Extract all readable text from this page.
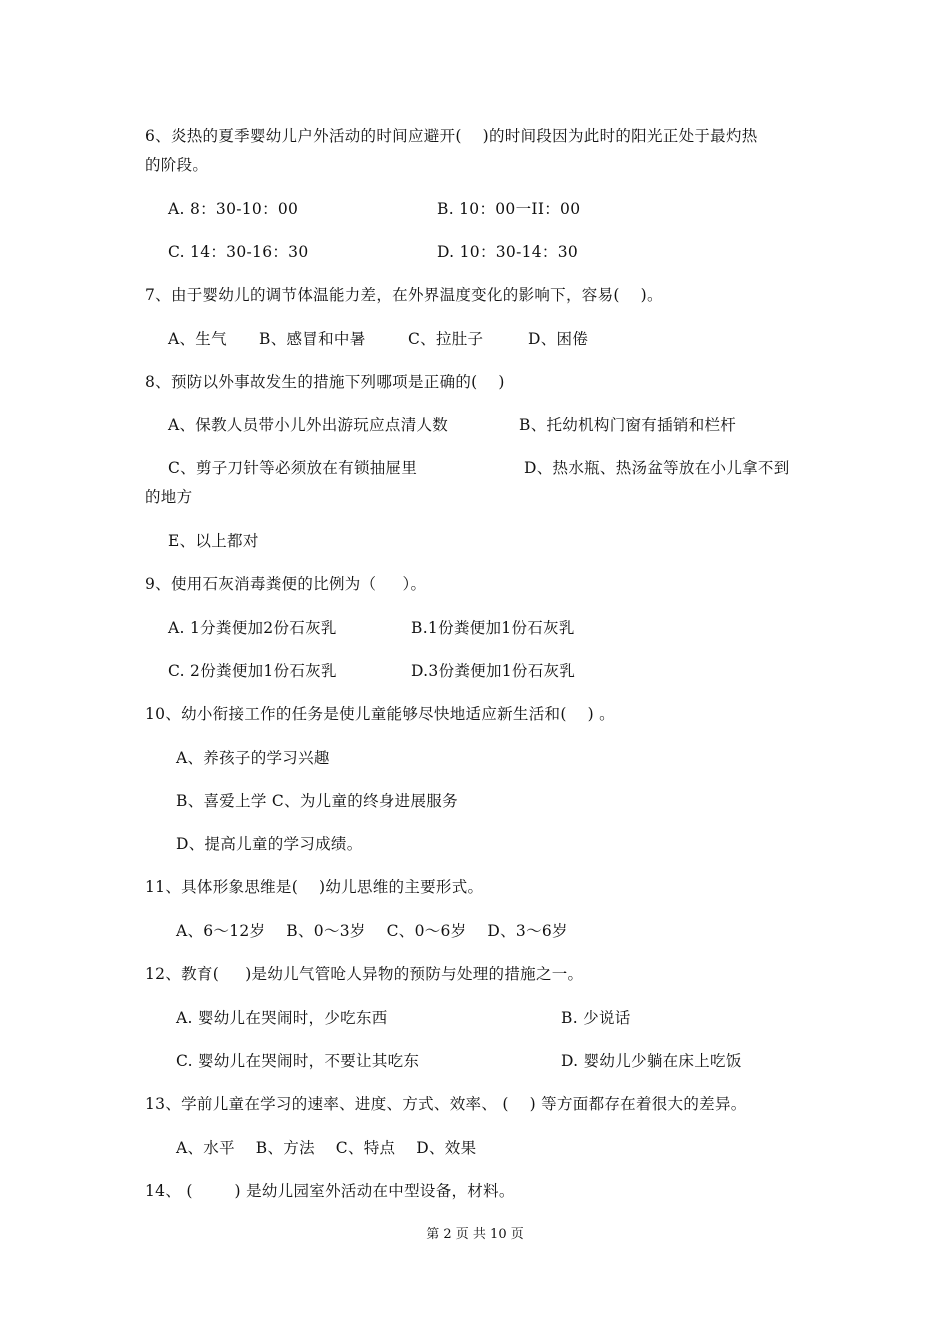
6、炎热的夏季婴幼儿户外活动的时间应避开(    )的时间段因为此时的阳光正处于最灼热
的阶段。
A. 8：30-10：00	B. 10：00一II：00
C. 14：30-16：30	D. 10：30-14：30
7、由于婴幼儿的调节体温能力差，在外界温度变化的影响下，容易(    )。
A、生气 B、感冒和中暑	C、拉肚子	D、困倦
8、预防以外事故发生的措施下列哪项是正确的(    )
A、保教人员带小儿外出游玩应点清人数	B、托幼机构门窗有插销和栏杆
C、剪子刀针等必须放在有锁抽屉里	D、热水瓶、热汤盆等放在小儿拿不到
的地方
E、以上都对
9、使用石灰消毒粪便的比例为（     ）。
A. 1分粪便加2份石灰乳	B.1份粪便加1份石灰乳
C. 2份粪便加1份石灰乳	D.3份粪便加1份石灰乳
10、幼小衔接工作的任务是使儿童能够尽快地适应新生活和(    ) 。
A、养孩子的学习兴趣
B、喜爱上学 C、为儿童的终身进展服务
D、提高儿童的学习成绩。
11、具体形象思维是(    )幼儿思维的主要形式。
A、6～12岁    B、0～3岁    C、0～6岁    D、3～6岁
12、教育(     )是幼儿气管呛人异物的预防与处理的措施之一。
A. 婴幼儿在哭闹时，少吃东西	B. 少说话
C. 婴幼儿在哭闹时，不要让其吃东	D. 婴幼儿少躺在床上吃饭
13、学前儿童在学习的速率、进度、方式、效率、 (    ) 等方面都存在着很大的差异。
A、水平    B、方法    C、特点    D、效果
14、 (        ) 是幼儿园室外活动在中型设备，材料。
第 2 页 共 10 页
